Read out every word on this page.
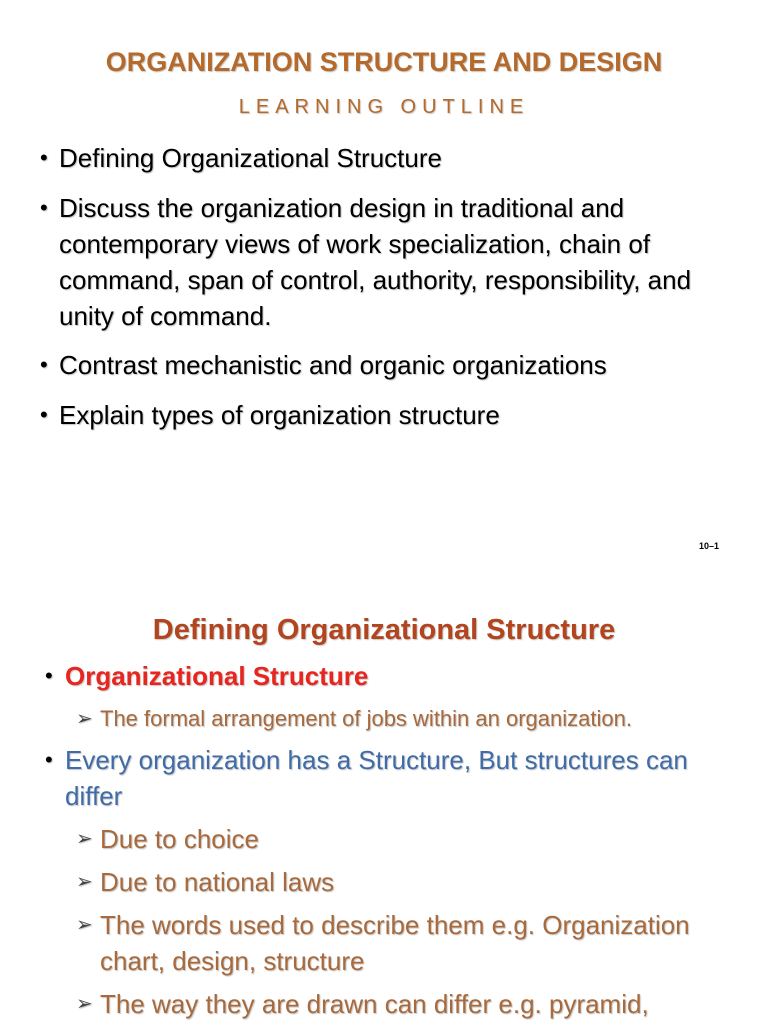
ORGANIZATION STRUCTURE AND DESIGN
LEARNING OUTLINE
• Defining Organizational Structure
• Discuss the organization design in traditional and contemporary views of work specialization, chain of command, span of control, authority, responsibility, and unity of command.
• Contrast mechanistic and organic organizations
• Explain types of organization structure
10–1
Defining Organizational Structure
• Organizational Structure
➢ The formal arrangement of jobs within an organization.
• Every organization has a Structure, But structures can differ
➢ Due to choice
➢ Due to national laws
➢ The words used to describe them e.g. Organization chart, design, structure
➢ The way they are drawn can differ e.g. pyramid,
